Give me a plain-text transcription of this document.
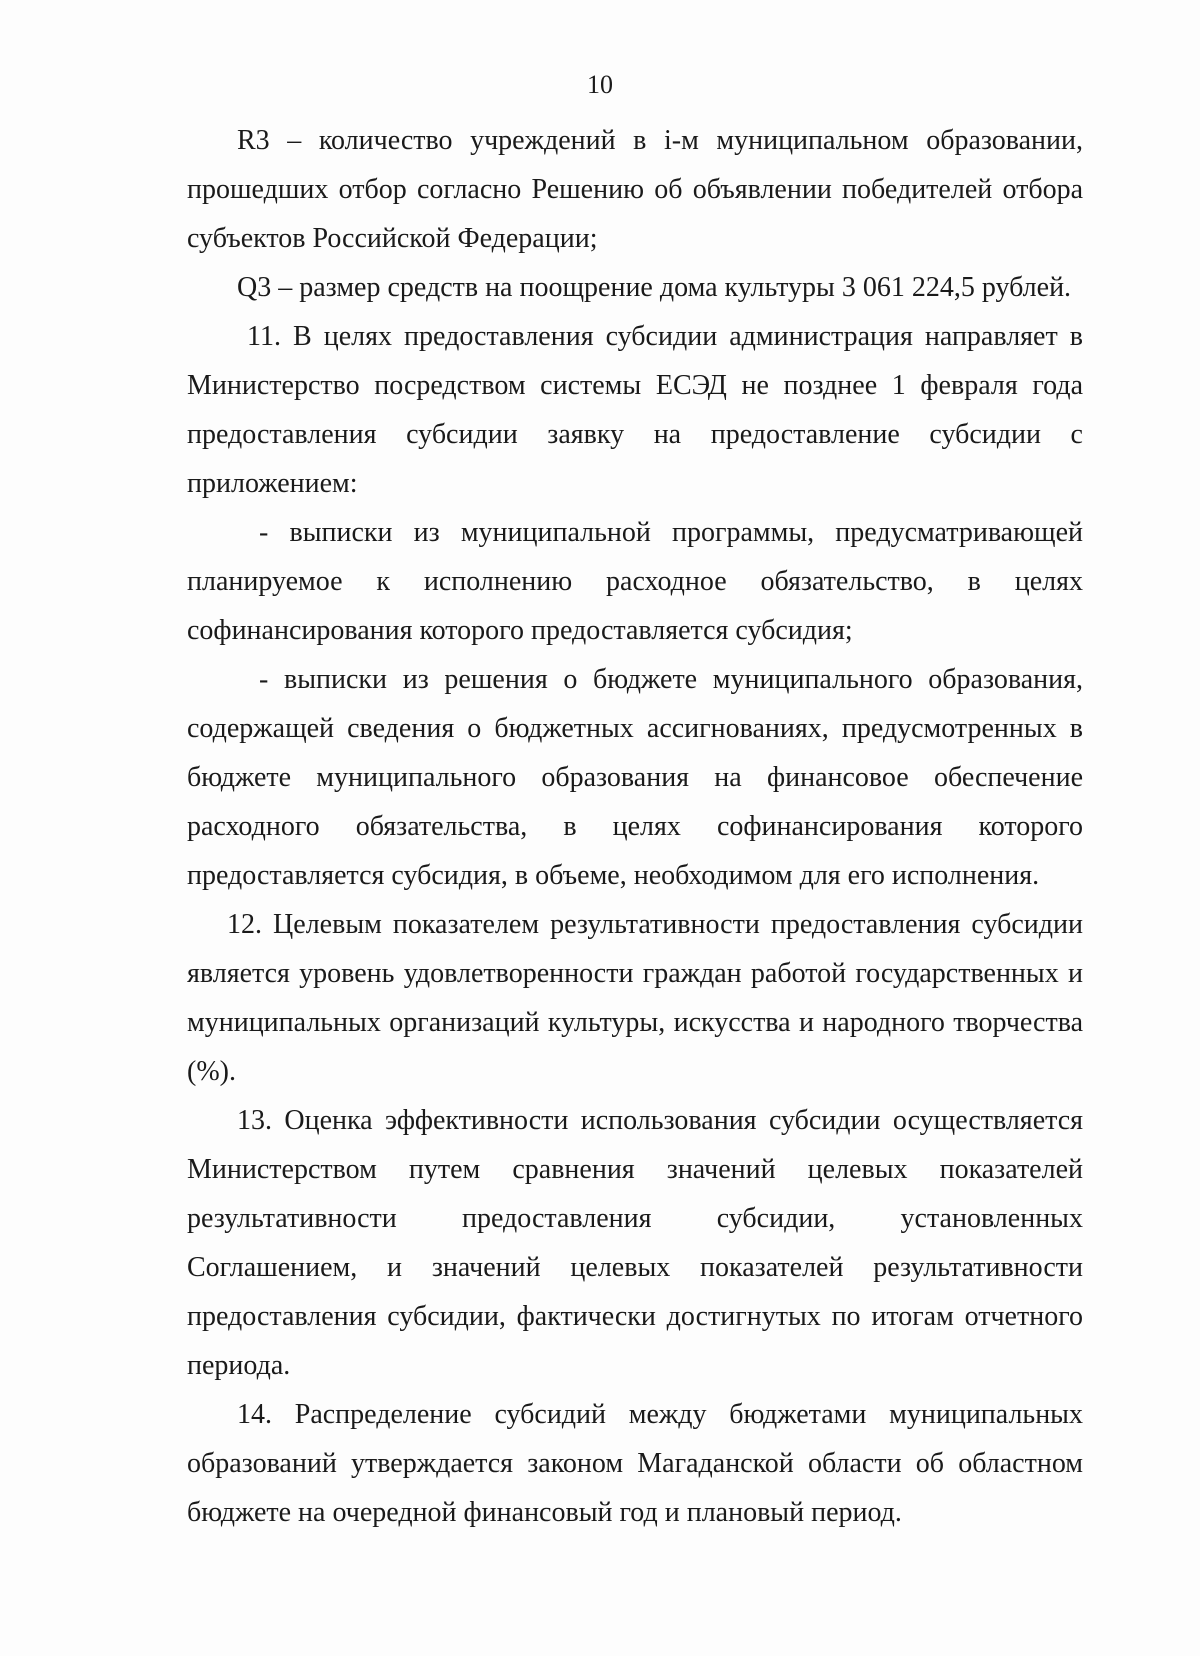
10

R3 – количество учреждений в i-м муниципальном образовании, прошедших отбор согласно Решению об объявлении победителей отбора субъектов Российской Федерации;

Q3 – размер средств на поощрение дома культуры 3 061 224,5 рублей.

11. В целях предоставления субсидии администрация направляет в Министерство посредством системы ЕСЭД не позднее 1 февраля года предоставления субсидии заявку на предоставление субсидии с приложением:

- выписки из муниципальной программы, предусматривающей планируемое к исполнению расходное обязательство, в целях софинансирования которого предоставляется субсидия;

- выписки из решения о бюджете муниципального образования, содержащей сведения о бюджетных ассигнованиях, предусмотренных в бюджете муниципального образования на финансовое обеспечение расходного обязательства, в целях софинансирования которого предоставляется субсидия, в объеме, необходимом для его исполнения.

12. Целевым показателем результативности предоставления субсидии является уровень удовлетворенности граждан работой государственных и муниципальных организаций культуры, искусства и народного творчества (%).

13. Оценка эффективности использования субсидии осуществляется Министерством путем сравнения значений целевых показателей результативности предоставления субсидии, установленных Соглашением, и значений целевых показателей результативности предоставления субсидии, фактически достигнутых по итогам отчетного периода.

14. Распределение субсидий между бюджетами муниципальных образований утверждается законом Магаданской области об областном бюджете на очередной финансовый год и плановый период.
